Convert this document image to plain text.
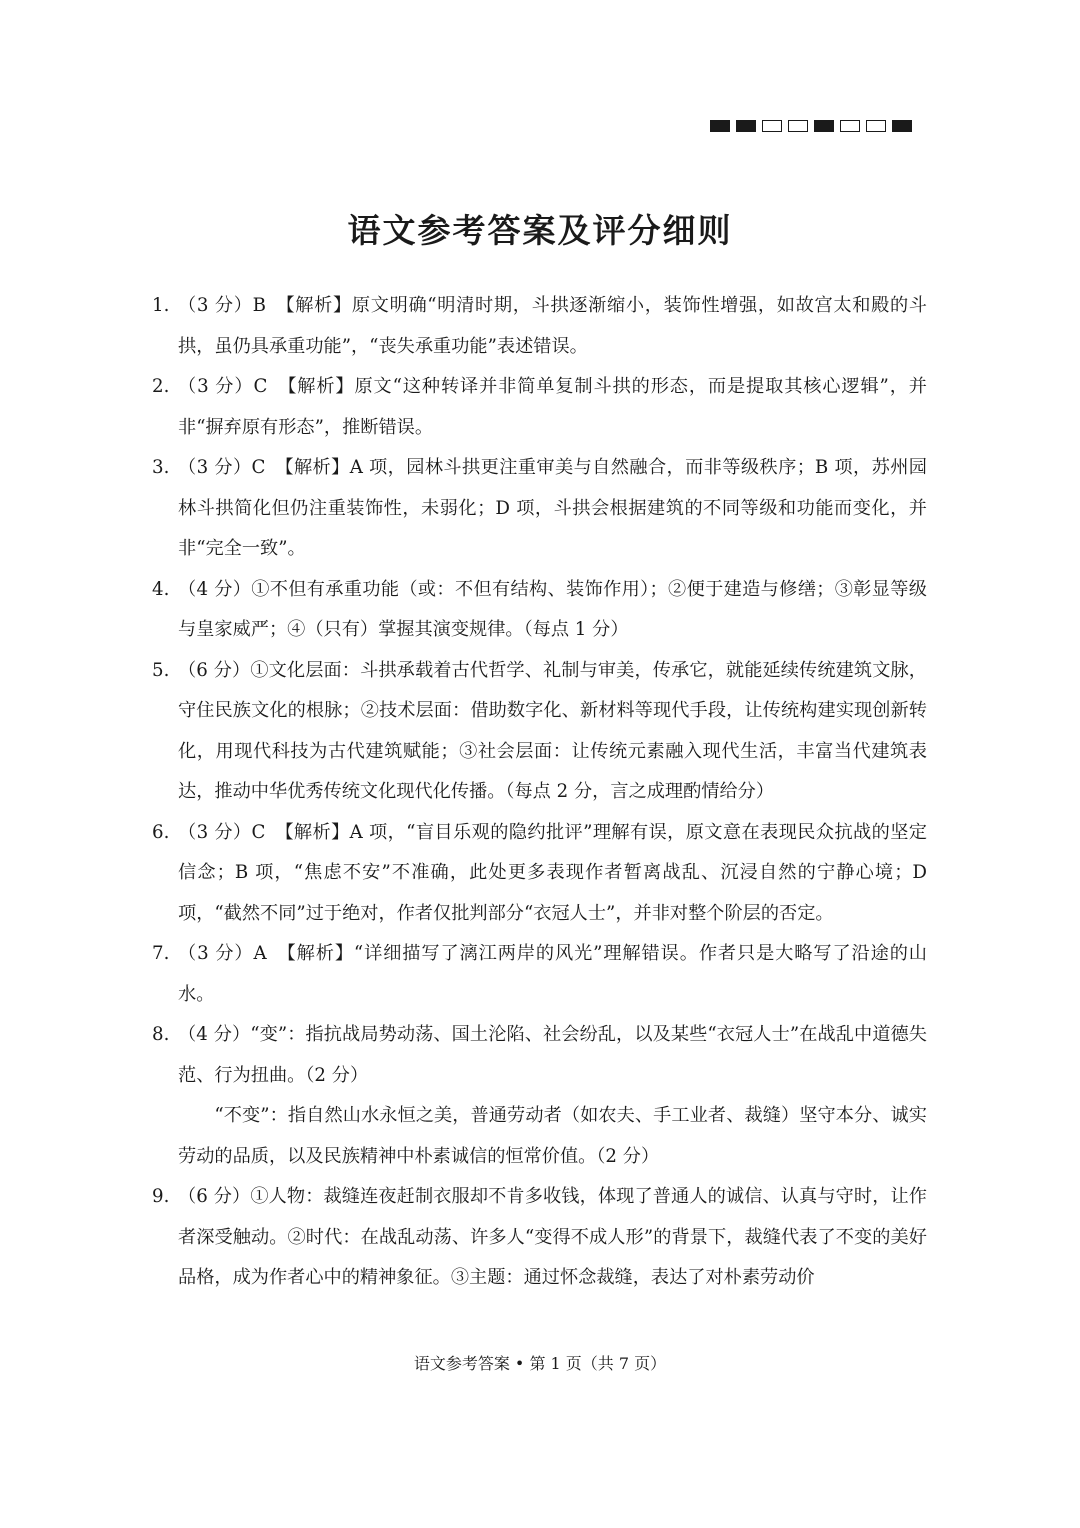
语文参考答案及评分细则
1. （3 分）B　【解析】原文明确“明清时期，斗拱逐渐缩小，装饰性增强，如故宫太和殿的斗拱，虽仍具承重功能”，“丧失承重功能”表述错误。
2. （3 分）C　【解析】原文“这种转译并非简单复制斗拱的形态，而是提取其核心逻辑”，并非“摒弃原有形态”，推断错误。
3. （3 分）C　【解析】A 项，园林斗拱更注重审美与自然融合，而非等级秩序；B 项，苏州园林斗拱简化但仍注重装饰性，未弱化；D 项，斗拱会根据建筑的不同等级和功能而变化，并非“完全一致”。
4. （4 分）①不但有承重功能（或：不但有结构、装饰作用）；②便于建造与修缮；③彰显等级与皇家威严；④（只有）掌握其演变规律。（每点 1 分）
5. （6 分）①文化层面：斗拱承载着古代哲学、礼制与审美，传承它，就能延续传统建筑文脉，守住民族文化的根脉；②技术层面：借助数字化、新材料等现代手段，让传统构建实现创新转化，用现代科技为古代建筑赋能；③社会层面：让传统元素融入现代生活，丰富当代建筑表达，推动中华优秀传统文化现代化传播。（每点 2 分，言之成理酌情给分）
6. （3 分）C　【解析】A 项，“盲目乐观的隐约批评”理解有误，原文意在表现民众抗战的坚定信念；B 项，“焦虑不安”不准确，此处更多表现作者暂离战乱、沉浸自然的宁静心境；D 项，“截然不同”过于绝对，作者仅批判部分“衣冠人士”，并非对整个阶层的否定。
7. （3 分）A　【解析】“详细描写了漓江两岸的风光”理解错误。作者只是大略写了沿途的山水。
8. （4 分）“变”：指抗战局势动荡、国土沦陷、社会纷乱，以及某些“衣冠人士”在战乱中道德失范、行为扭曲。（2 分）
“不变”：指自然山水永恒之美，普通劳动者（如农夫、手工业者、裁缝）坚守本分、诚实劳动的品质，以及民族精神中朴素诚信的恒常价值。（2 分）
9. （6 分）①人物：裁缝连夜赶制衣服却不肯多收钱，体现了普通人的诚信、认真与守时，让作者深受触动。②时代：在战乱动荡、许多人“变得不成人形”的背景下，裁缝代表了不变的美好品格，成为作者心中的精神象征。③主题：通过怀念裁缝，表达了对朴素劳动价
语文参考答案 • 第 1 页（共 7 页）
